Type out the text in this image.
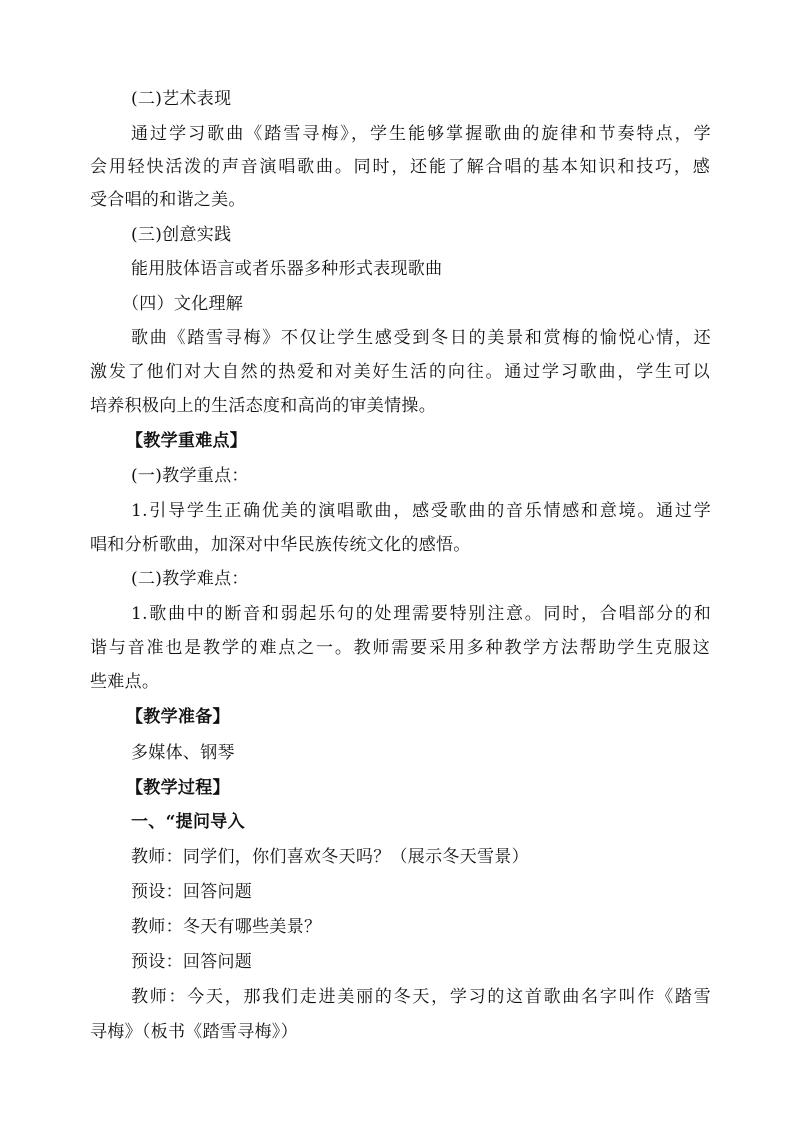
(二)艺术表现
通过学习歌曲《踏雪寻梅》，学生能够掌握歌曲的旋律和节奏特点，学
会用轻快活泼的声音演唱歌曲。同时，还能了解合唱的基本知识和技巧，感
受合唱的和谐之美。
(三)创意实践
能用肢体语言或者乐器多种形式表现歌曲
（四）文化理解
歌曲《踏雪寻梅》不仅让学生感受到冬日的美景和赏梅的愉悦心情，还
激发了他们对大自然的热爱和对美好生活的向往。通过学习歌曲，学生可以
培养积极向上的生活态度和高尚的审美情操。
【教学重难点】
(一)教学重点：
1.引导学生正确优美的演唱歌曲，感受歌曲的音乐情感和意境。通过学
唱和分析歌曲，加深对中华民族传统文化的感悟。
(二)教学难点：
1.歌曲中的断音和弱起乐句的处理需要特别注意。同时，合唱部分的和
谐与音准也是教学的难点之一。教师需要采用多种教学方法帮助学生克服这
些难点。
【教学准备】
多媒体、钢琴
【教学过程】
一、“提问导入
教师：同学们，你们喜欢冬天吗？（展示冬天雪景）
预设：回答问题
教师：冬天有哪些美景？
预设：回答问题
教师：今天，那我们走进美丽的冬天，学习的这首歌曲名字叫作《踏雪
寻梅》（板书《踏雪寻梅》）
